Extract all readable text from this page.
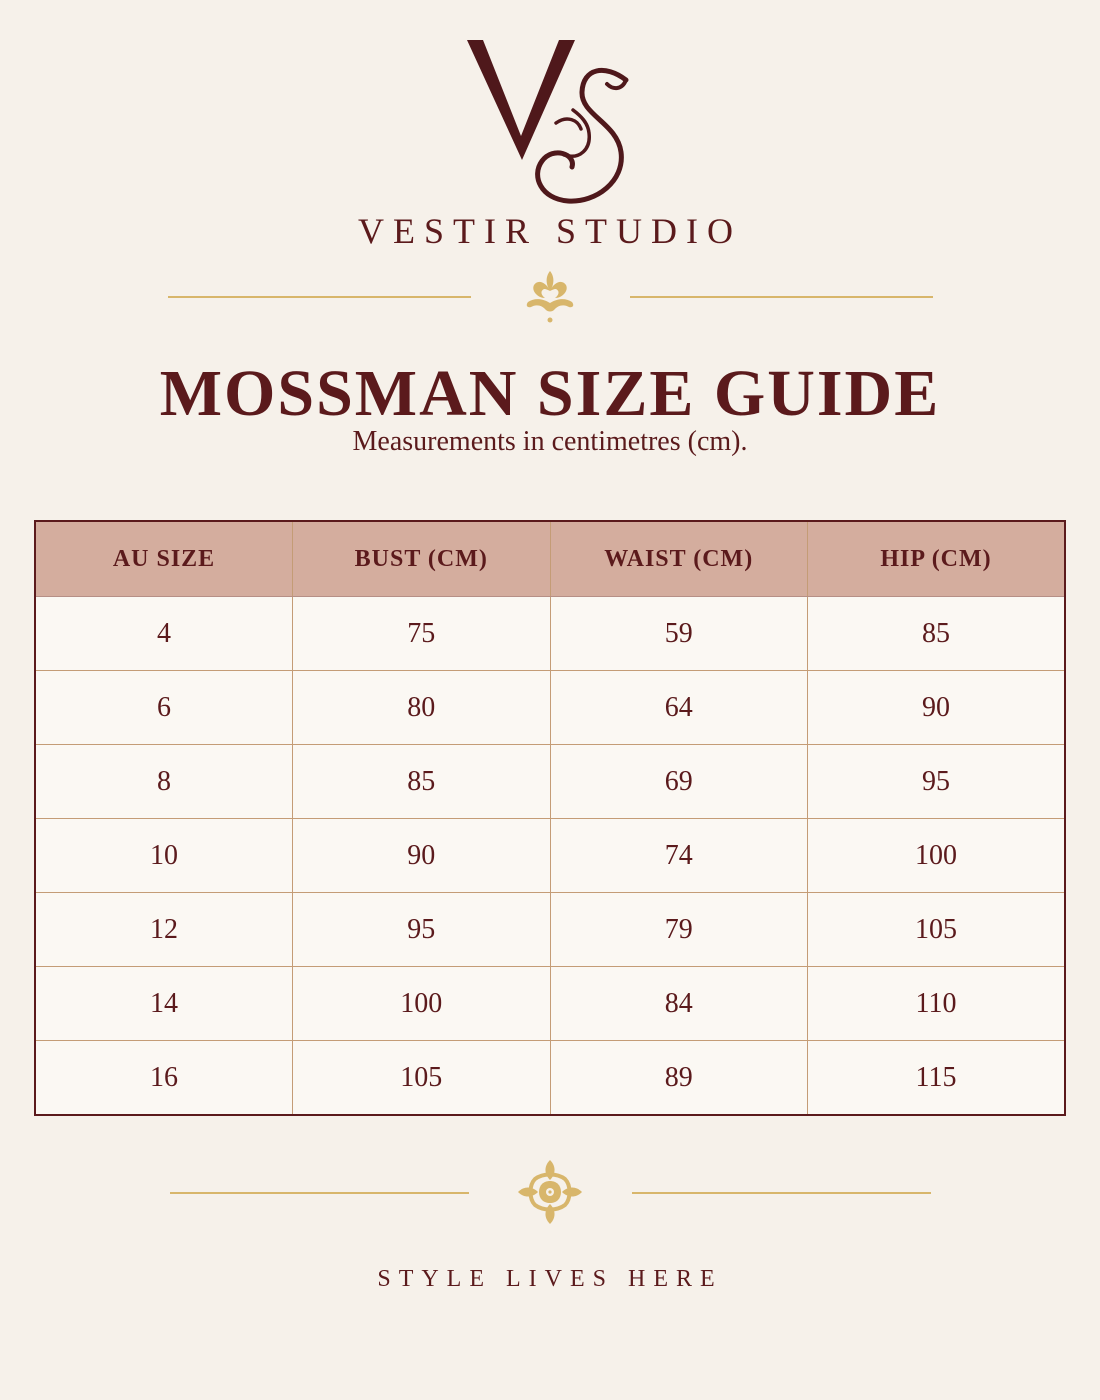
VESTIR STUDIO
MOSSMAN SIZE GUIDE
Measurements in centimetres (cm).
AU SIZE	BUST (CM)	WAIST (CM)	HIP (CM)
4	75	59	85
6	80	64	90
8	85	69	95
10	90	74	100
12	95	79	105
14	100	84	110
16	105	89	115
STYLE LIVES HERE
